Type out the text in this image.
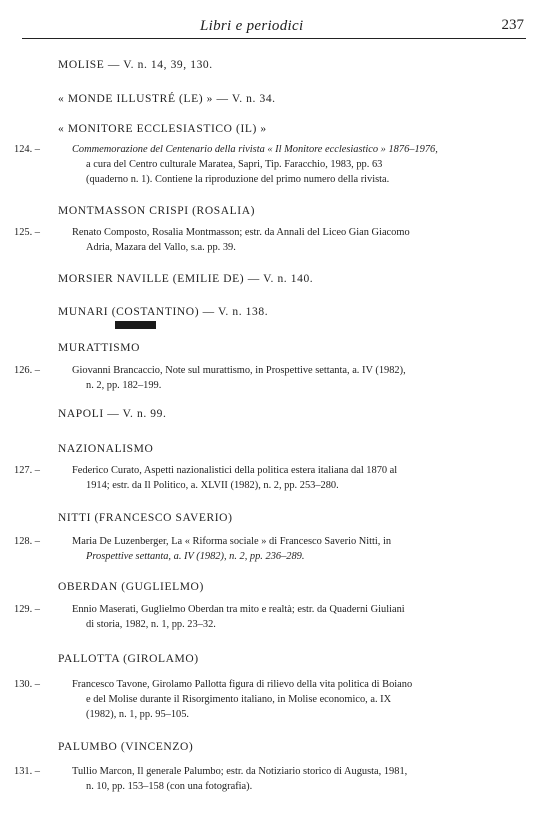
Libri e periodici	237
MOLISE — V. n. 14, 39, 130.
« MONDE ILLUSTRÉ (LE) » — V. n. 34.
« MONITORE ECCLESIASTICO (IL) »
124. –	Commemorazione del Centenario della rivista « Il Monitore ecclesiastico » 1876–1976,
a cura del Centro culturale Maratea, Sapri, Tip. Faracchio, 1983, pp. 63
(quaderno n. 1). Contiene la riproduzione del primo numero della rivista.
MONTMASSON CRISPI (ROSALIA)
125. –	Renato Composto, Rosalia Montmasson; estr. da Annali del Liceo Gian Giacomo
Adria, Mazara del Vallo, s.a. pp. 39.
MORSIER NAVILLE (EMILIE DE) — V. n. 140.
MUNARI (COSTANTINO) — V. n. 138.
MURATTISMO
126. –	Giovanni Brancaccio, Note sul murattismo, in Prospettive settanta, a. IV (1982),
n. 2, pp. 182–199.
NAPOLI — V. n. 99.
NAZIONALISMO
127. –	Federico Curato, Aspetti nazionalistici della politica estera italiana dal 1870 al
1914; estr. da Il Politico, a. XLVII (1982), n. 2, pp. 253–280.
NITTI (FRANCESCO SAVERIO)
128. –	Maria De Luzenberger, La « Riforma sociale » di Francesco Saverio Nitti, in
Prospettive settanta, a. IV (1982), n. 2, pp. 236–289.
OBERDAN (GUGLIELMO)
129. –	Ennio Maserati, Guglielmo Oberdan tra mito e realtà; estr. da Quaderni Giuliani
di storia, 1982, n. 1, pp. 23–32.
PALLOTTA (GIROLAMO)
130. –	Francesco Tavone, Girolamo Pallotta figura di rilievo della vita politica di Boiano
e del Molise durante il Risorgimento italiano, in Molise economico, a. IX
(1982), n. 1, pp. 95–105.
PALUMBO (VINCENZO)
131. –	Tullio Marcon, Il generale Palumbo; estr. da Notiziario storico di Augusta, 1981,
n. 10, pp. 153–158 (con una fotografia).
